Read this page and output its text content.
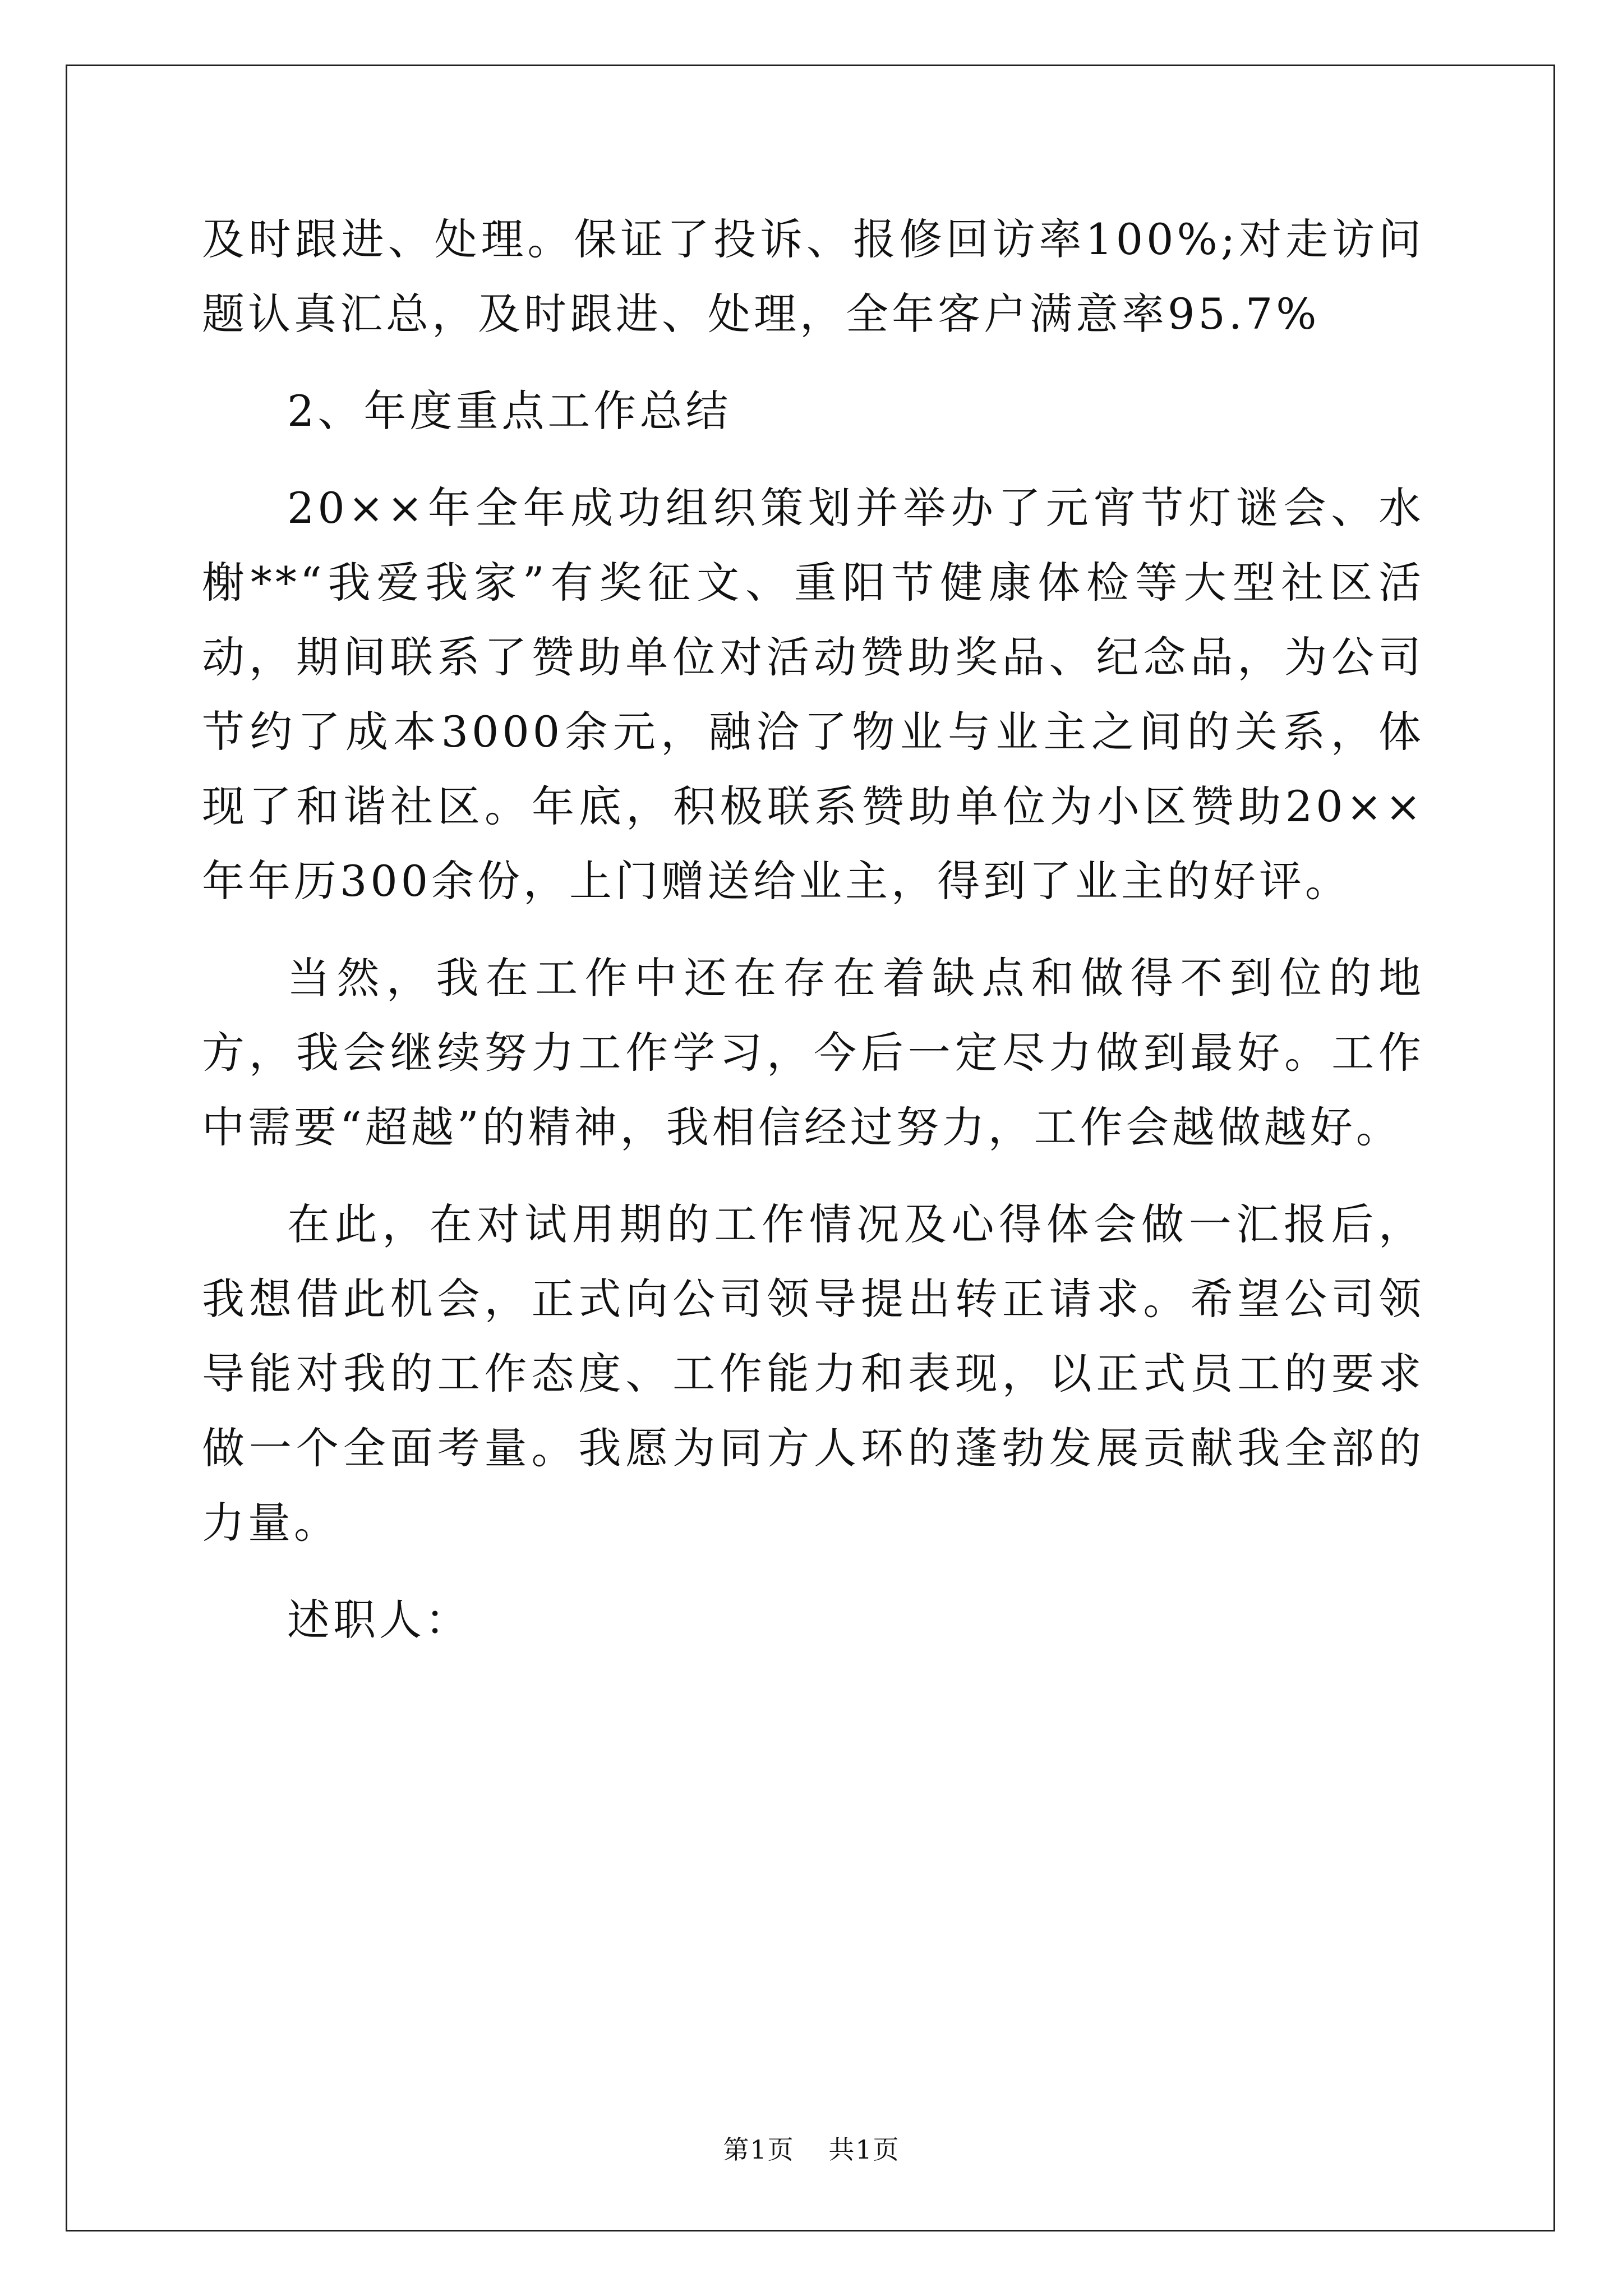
及时跟进、处理。保证了投诉、报修回访率100%;对走访问题认真汇总，及时跟进、处理，全年客户满意率95.7%

2、年度重点工作总结

20××年全年成功组织策划并举办了元宵节灯谜会、水榭**“我爱我家”有奖征文、重阳节健康体检等大型社区活动，期间联系了赞助单位对活动赞助奖品、纪念品，为公司节约了成本3000余元，融洽了物业与业主之间的关系，体现了和谐社区。年底，积极联系赞助单位为小区赞助20××年年历300余份，上门赠送给业主，得到了业主的好评。

当然，我在工作中还在存在着缺点和做得不到位的地方，我会继续努力工作学习，今后一定尽力做到最好。工作中需要“超越”的精神，我相信经过努力，工作会越做越好。

在此，在对试用期的工作情况及心得体会做一汇报后，我想借此机会，正式向公司领导提出转正请求。希望公司领导能对我的工作态度、工作能力和表现，以正式员工的要求做一个全面考量。我愿为同方人环的蓬勃发展贡献我全部的力量。

述职人：

第1页 共1页
